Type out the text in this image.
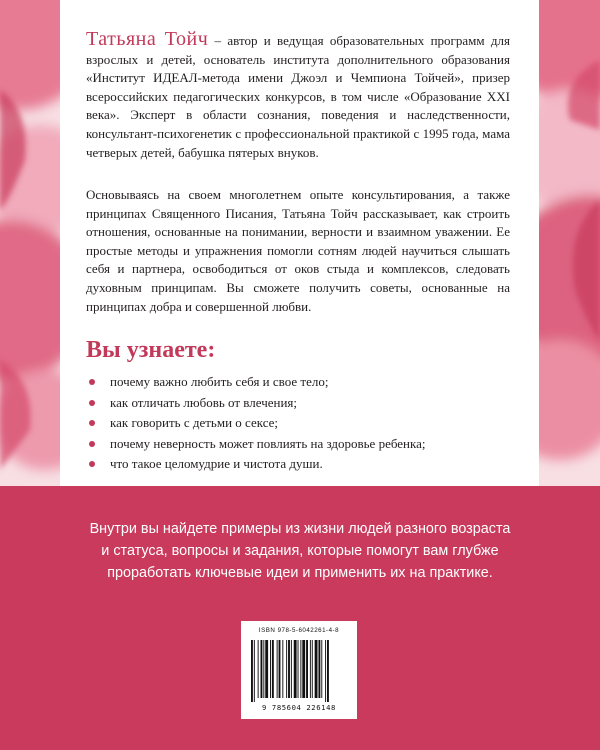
Татьяна Тойч – автор и ведущая образовательных программ для взрослых и детей, основатель института дополнительного образования «Институт ИДЕАЛ-метода имени Джоэл и Чемпиона Тойчей», призер всероссийских педагогических конкурсов, в том числе «Образование XXI века». Эксперт в области сознания, поведения и наследственности, консультант-психогенетик с профессиональной практикой с 1995 года, мама четверых детей, бабушка пятерых внуков.

Основываясь на своем многолетнем опыте консультирования, а также принципах Священного Писания, Татьяна Тойч рассказывает, как строить отношения, основанные на понимании, верности и взаимном уважении. Ее простые методы и упражнения помогли сотням людей научиться слышать себя и партнера, освободиться от оков стыда и комплексов, следовать духовным принципам. Вы сможете получить советы, основанные на принципах добра и совершенной любви.

Вы узнаете:
почему важно любить себя и свое тело;
как отличать любовь от влечения;
как говорить с детьми о сексе;
почему неверность может повлиять на здоровье ребенка;
что такое целомудрие и чистота души.

Внутри вы найдете примеры из жизни людей разного возраста
и статуса, вопросы и задания, которые помогут вам глубже
проработать ключевые идеи и применить их на практике.

ISBN 978-5-6042261-4-8
9 785604 226148
